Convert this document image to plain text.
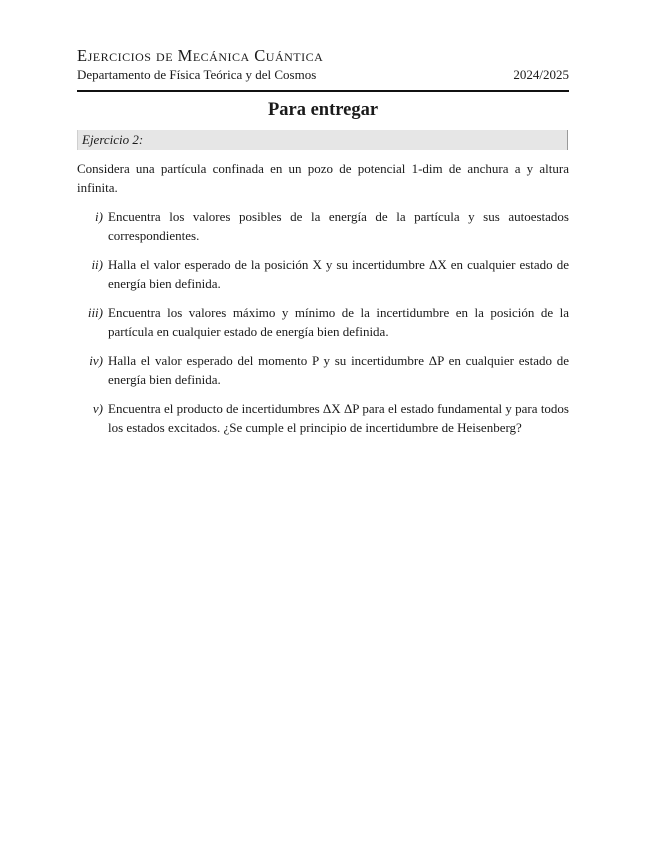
Ejercicios de Mecánica Cuántica
Departamento de Física Teórica y del Cosmos	2024/2025
Para entregar
Ejercicio 2:

Considera una partícula confinada en un pozo de potencial 1-dim de anchura a y altura infinita.

i) Encuentra los valores posibles de la energía de la partícula y sus autoestados correspondientes.
ii) Halla el valor esperado de la posición X y su incertidumbre ΔX en cualquier estado de energía bien definida.
iii) Encuentra los valores máximo y mínimo de la incertidumbre en la posición de la partícula en cualquier estado de energía bien definida.
iv) Halla el valor esperado del momento P y su incertidumbre ΔP en cualquier estado de energía bien definida.
v) Encuentra el producto de incertidumbres ΔX ΔP para el estado fundamental y para todos los estados excitados. ¿Se cumple el principio de incertidumbre de Heisenberg?
